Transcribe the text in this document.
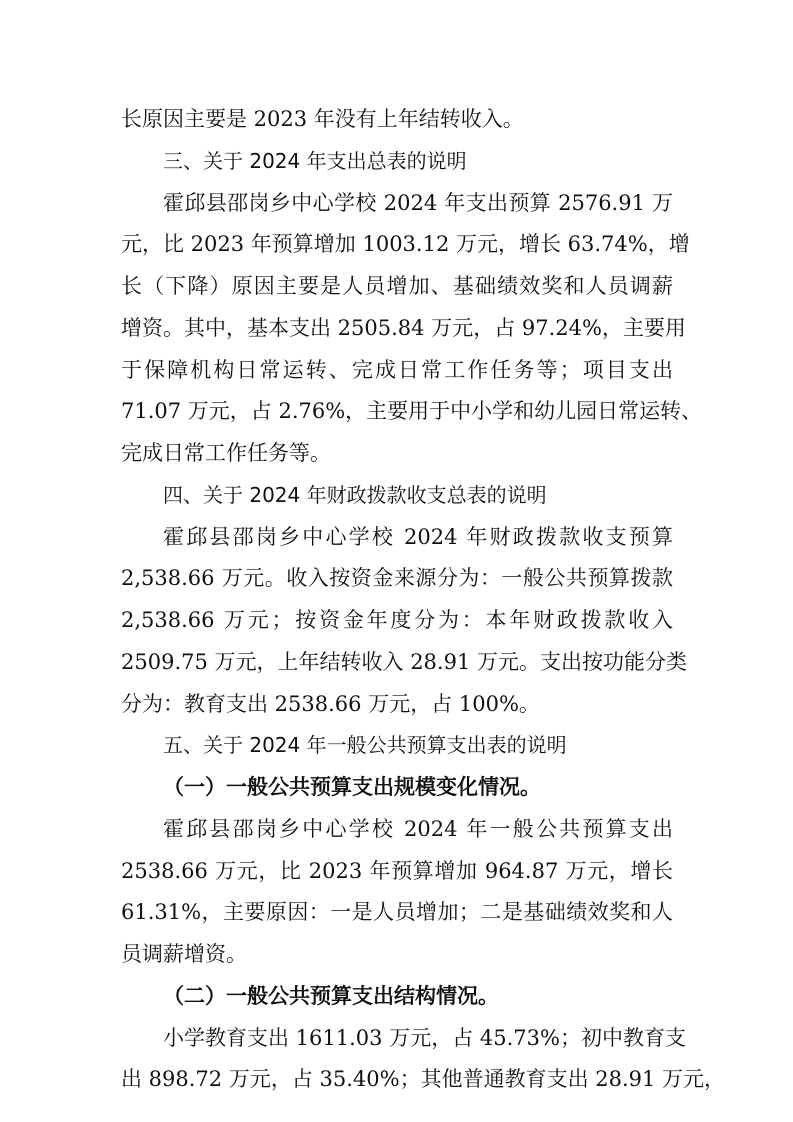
长原因主要是 2023 年没有上年结转收入。
三、关于 2024 年支出总表的说明
霍邱县邵岗乡中心学校 2024 年支出预算 2576.91 万
元，比 2023 年预算增加 1003.12 万元，增长 63.74%，增
长（下降）原因主要是人员增加、基础绩效奖和人员调薪
增资。其中，基本支出 2505.84 万元，占 97.24%，主要用
于保障机构日常运转、完成日常工作任务等；项目支出
71.07 万元，占 2.76%，主要用于中小学和幼儿园日常运转、
完成日常工作任务等。
四、关于 2024 年财政拨款收支总表的说明
霍邱县邵岗乡中心学校 2024 年财政拨款收支预算
2,538.66 万元。收入按资金来源分为：一般公共预算拨款
2,538.66 万元；按资金年度分为：本年财政拨款收入
2509.75 万元，上年结转收入 28.91 万元。支出按功能分类
分为：教育支出 2538.66 万元，占 100%。
五、关于 2024 年一般公共预算支出表的说明
（一）一般公共预算支出规模变化情况。
霍邱县邵岗乡中心学校 2024 年一般公共预算支出
2538.66 万元，比 2023 年预算增加 964.87 万元，增长
61.31%，主要原因：一是人员增加；二是基础绩效奖和人
员调薪增资。
（二）一般公共预算支出结构情况。
小学教育支出 1611.03 万元，占 45.73%；初中教育支
出 898.72 万元，占 35.40%；其他普通教育支出 28.91 万元，
